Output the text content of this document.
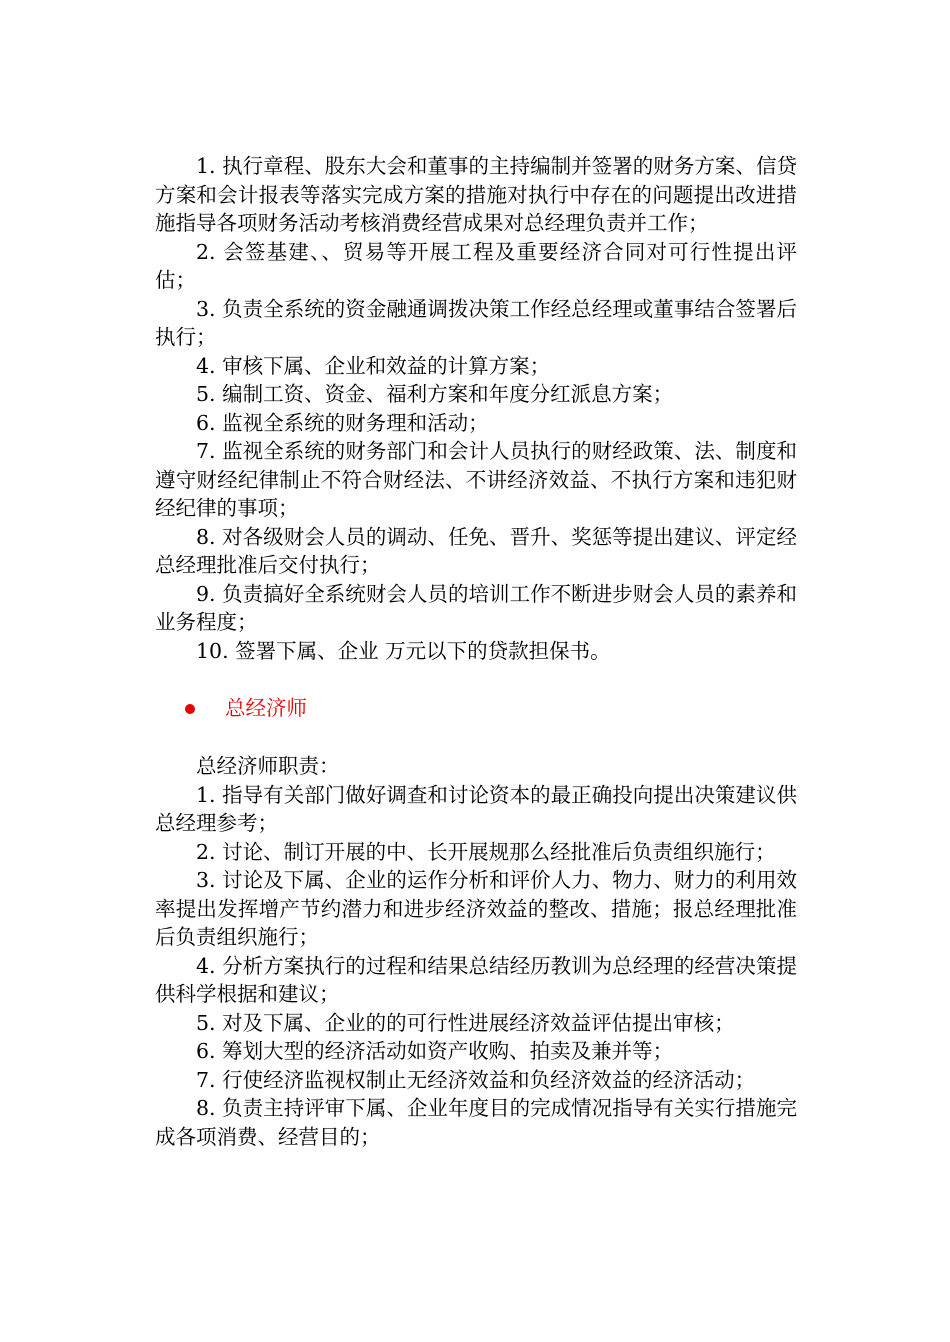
1. 执行章程、股东大会和董事的主持编制并签署的财务方案、信贷方案和会计报表等落实完成方案的措施对执行中存在的问题提出改进措施指导各项财务活动考核消费经营成果对总经理负责并工作；

2. 会签基建、、贸易等开展工程及重要经济合同对可行性提出评估；

3. 负责全系统的资金融通调拨决策工作经总经理或董事结合签署后执行；

4. 审核下属、企业和效益的计算方案；

5. 编制工资、资金、福利方案和年度分红派息方案；

6. 监视全系统的财务理和活动；

7. 监视全系统的财务部门和会计人员执行的财经政策、法、制度和遵守财经纪律制止不符合财经法、不讲经济效益、不执行方案和违犯财经纪律的事项；

8. 对各级财会人员的调动、任免、晋升、奖惩等提出建议、评定经总经理批准后交付执行；

9. 负责搞好全系统财会人员的培训工作不断进步财会人员的素养和业务程度；

10. 签署下属、企业 万元以下的贷款担保书。

总经济师

总经济师职责：

1. 指导有关部门做好调查和讨论资本的最正确投向提出决策建议供总经理参考；

2. 讨论、制订开展的中、长开展规那么经批准后负责组织施行；

3. 讨论及下属、企业的运作分析和评价人力、物力、财力的利用效率提出发挥增产节约潜力和进步经济效益的整改、措施；报总经理批准后负责组织施行；

4. 分析方案执行的过程和结果总结经历教训为总经理的经营决策提供科学根据和建议；

5. 对及下属、企业的的可行性进展经济效益评估提出审核；

6. 筹划大型的经济活动如资产收购、拍卖及兼并等；

7. 行使经济监视权制止无经济效益和负经济效益的经济活动；

8. 负责主持评审下属、企业年度目的完成情况指导有关实行措施完成各项消费、经营目的；
